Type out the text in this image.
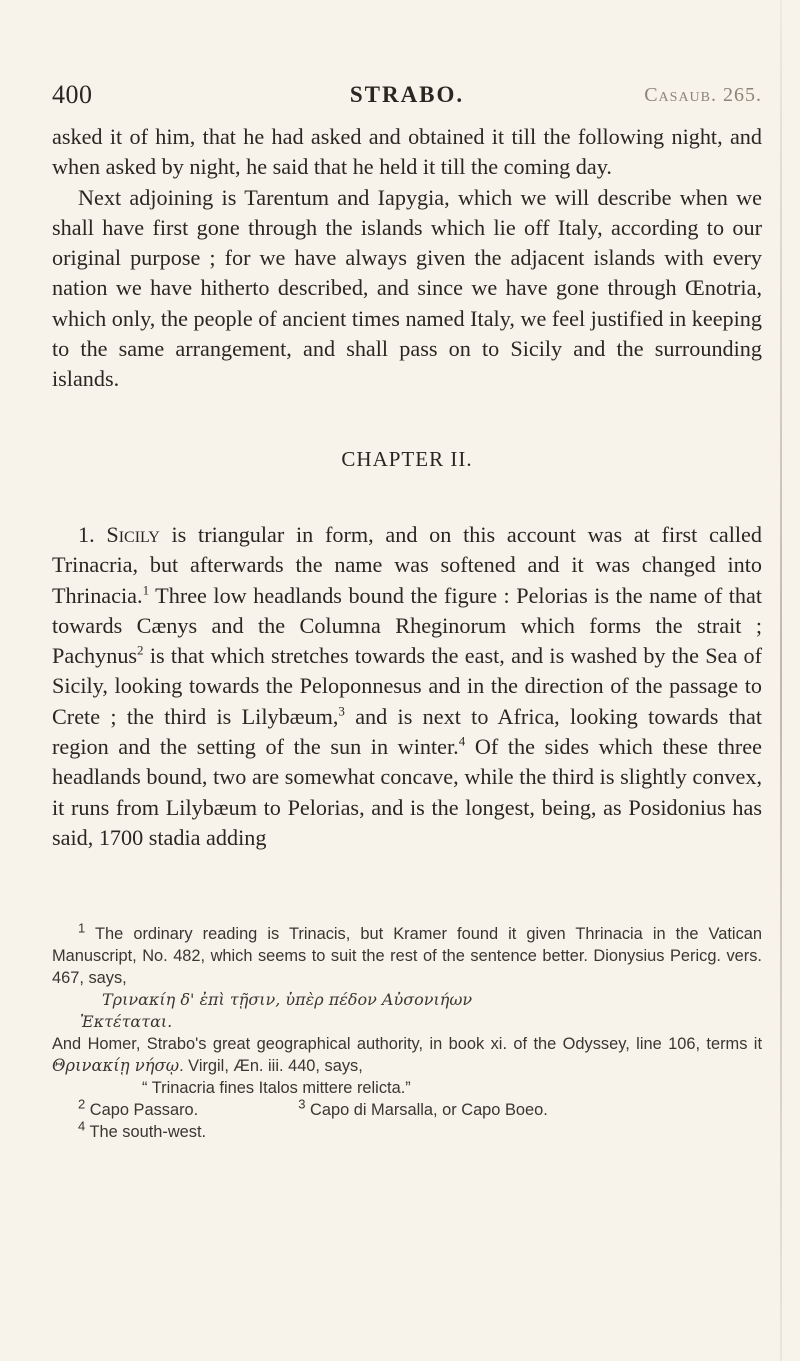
400	STRABO.	Casaub. 265.

asked it of him, that he had asked and obtained it till the following night, and when asked by night, he said that he held it till the coming day.

Next adjoining is Tarentum and Iapygia, which we will describe when we shall have first gone through the islands which lie off Italy, according to our original purpose ; for we have always given the adjacent islands with every nation we have hitherto described, and since we have gone through Œnotria, which only, the people of ancient times named Italy, we feel justified in keeping to the same arrangement, and shall pass on to Sicily and the surrounding islands.

CHAPTER II.

1. Sicily is triangular in form, and on this account was at first called Trinacria, but afterwards the name was softened and it was changed into Thrinacia.$^1$ Three low headlands bound the figure : Pelorias is the name of that towards Cænys and the Columna Rheginorum which forms the strait ; Pachynus$^2$ is that which stretches towards the east, and is washed by the Sea of Sicily, looking towards the Peloponnesus and in the direction of the passage to Crete ; the third is Lilybæum,$^3$ and is next to Africa, looking towards that region and the setting of the sun in winter.$^4$ Of the sides which these three headlands bound, two are somewhat concave, while the third is slightly convex, it runs from Lilybæum to Pelorias, and is the longest, being, as Posidonius has said, 1700 stadia adding

$^1$ The ordinary reading is Trinacis, but Kramer found it given Thrinacia in the Vatican Manuscript, No. 482, which seems to suit the rest of the sentence better. Dionysius Pericg. vers. 467, says,

Τρινακίη δ' ἐπὶ τῇσιν, ὑπὲρ πέδον Αὐσονιήων

Ἐκτέταται.

And Homer, Strabo's great geographical authority, in book xi. of the Odyssey, line 106, terms it Θρινακίῃ νήσῳ. Virgil, Æn. iii. 440, says,

“ Trinacria fines Italos mittere relicta.”

$^2$ Capo Passaro.	$^3$ Capo di Marsalla, or Capo Boeo.

$^4$ The south-west.
